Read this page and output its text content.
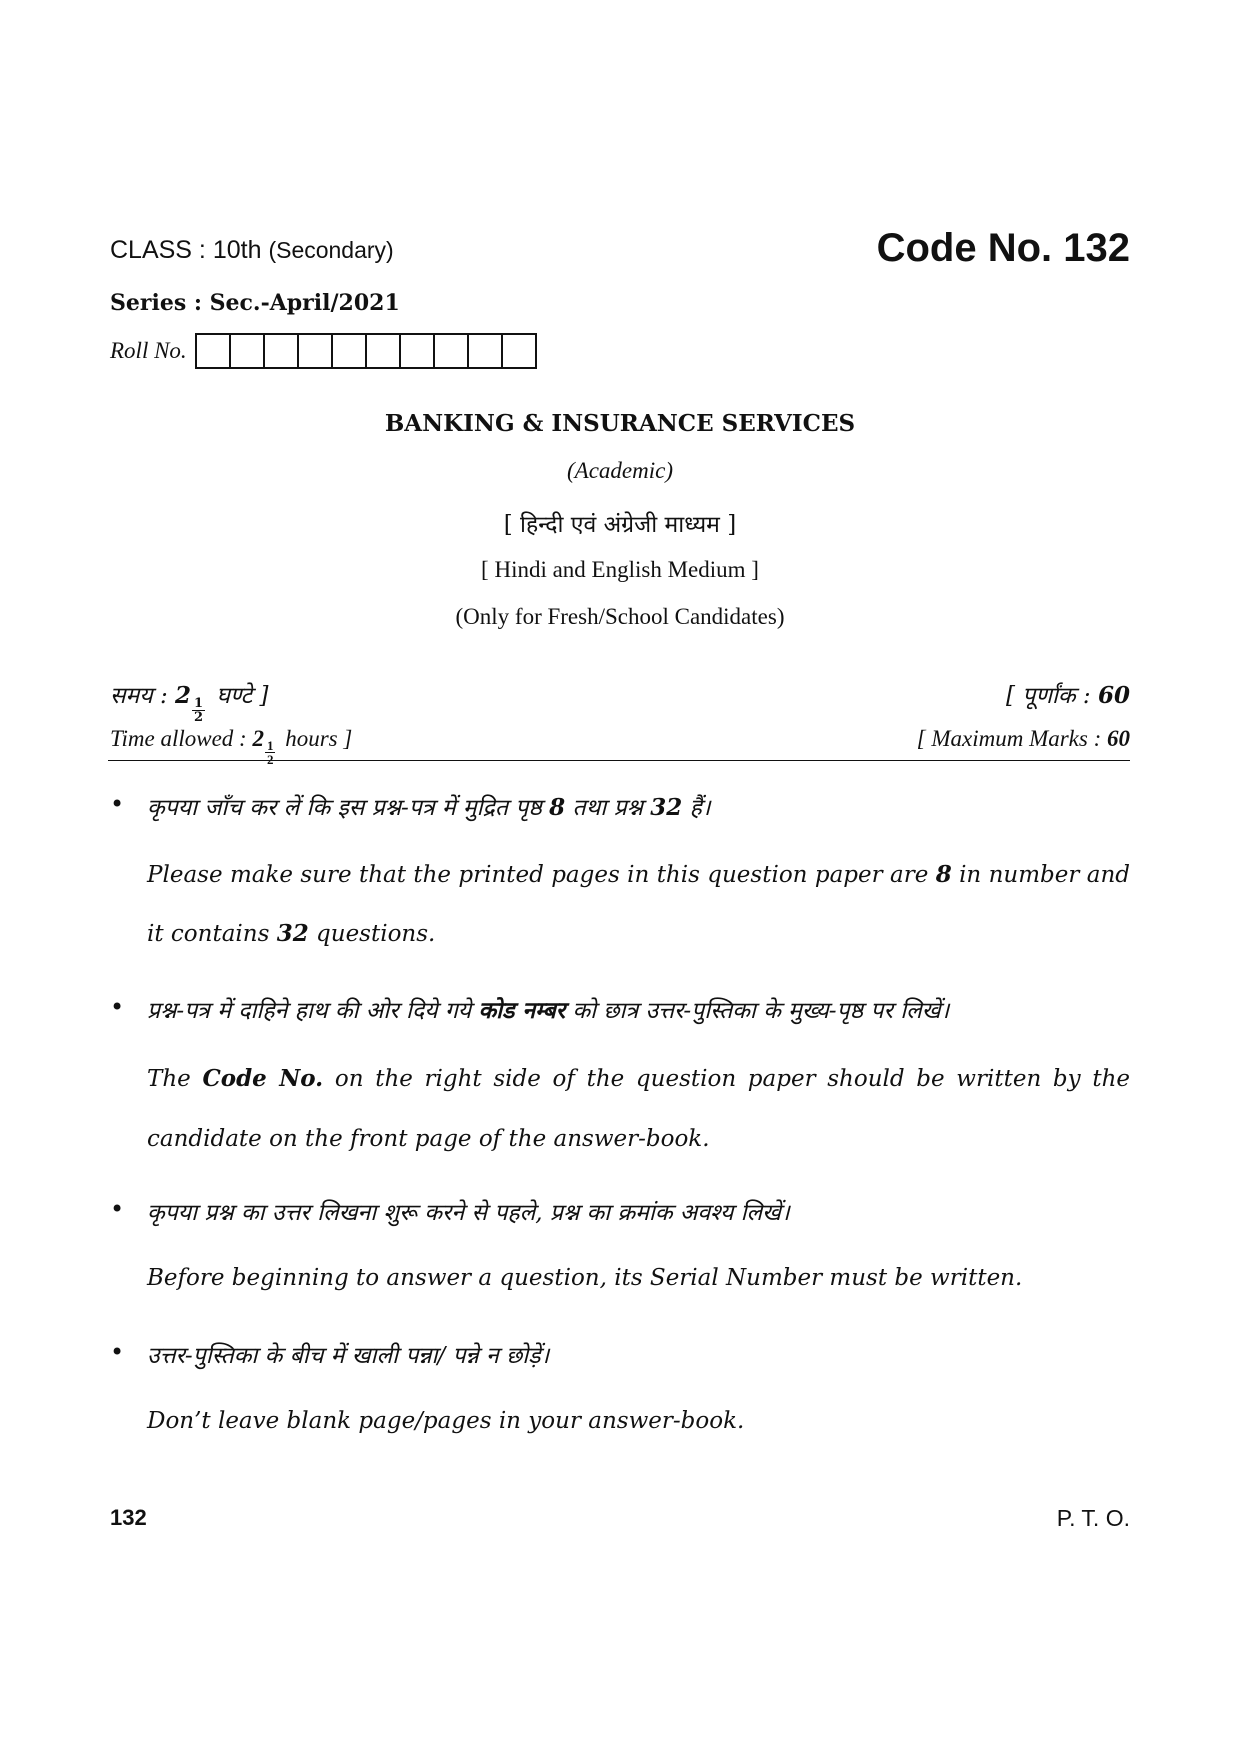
CLASS : 10th (Secondary)	Code No. 132
Series : Sec.-April/2021
Roll No.
BANKING & INSURANCE SERVICES
(Academic)
[ हिन्दी एवं अंग्रेजी माध्यम ]
[ Hindi and English Medium ]
(Only for Fresh/School Candidates)
समय : 2
$\frac{1}{2}$
घण्टे ]	[ पूर्णांक : 60
Time allowed : 2
$\frac{1}{2}$
hours ]	[ Maximum Marks : 60
• कृपया जाँच कर लें कि इस प्रश्न-पत्र में मुद्रित पृष्ठ 8 तथा प्रश्न 32 हैं।
Please make sure that the printed pages in this question paper are 8 in number and
it contains 32 questions.
• प्रश्न-पत्र में दाहिने हाथ की ओर दिये गये कोड नम्बर को छात्र उत्तर-पुस्तिका के मुख्य-पृष्ठ पर लिखें।
The Code No. on the right side of the question paper should be written by the
candidate on the front page of the answer-book.
• कृपया प्रश्न का उत्तर लिखना शुरू करने से पहले, प्रश्न का क्रमांक अवश्य लिखें।
Before beginning to answer a question, its Serial Number must be written.
• उत्तर-पुस्तिका के बीच में खाली पन्ना/ पन्ने न छोड़ें।
Don’t leave blank page/pages in your answer-book.
132	P. T. O.
